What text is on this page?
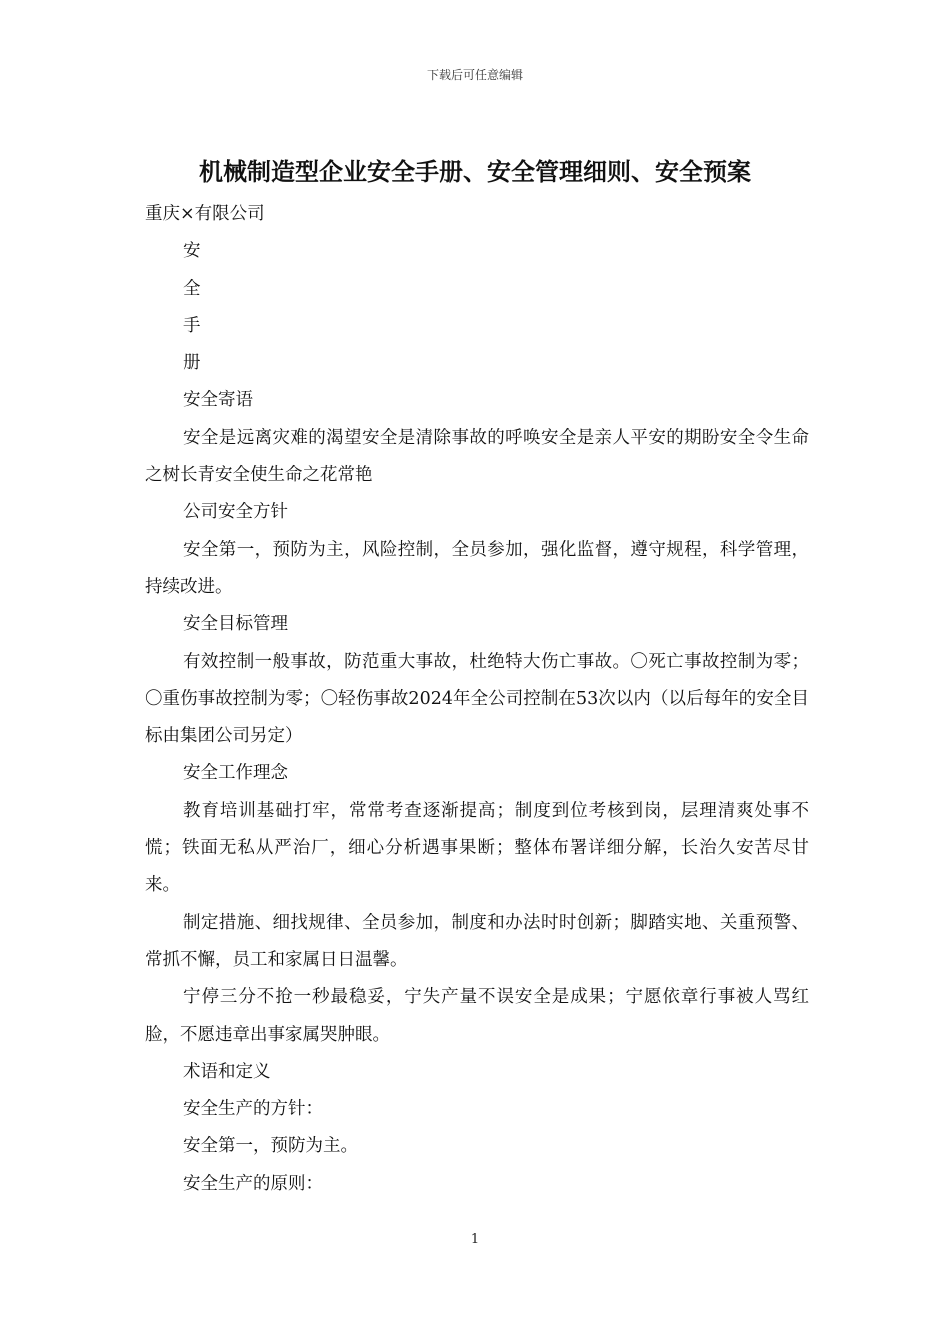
下载后可任意编辑
机械制造型企业安全手册、安全管理细则、安全预案

重庆×有限公司

安

全

手

册

安全寄语

安全是远离灾难的渴望安全是清除事故的呼唤安全是亲人平安的期盼安全令生命之树长青安全使生命之花常艳

公司安全方针

安全第一，预防为主，风险控制，全员参加，强化监督，遵守规程，科学管理，持续改进。

安全目标管理

有效控制一般事故，防范重大事故，杜绝特大伤亡事故。〇死亡事故控制为零；〇重伤事故控制为零；〇轻伤事故2024年全公司控制在53次以内（以后每年的安全目标由集团公司另定）

安全工作理念

教育培训基础打牢，常常考查逐渐提高；制度到位考核到岗，层理清爽处事不慌；铁面无私从严治厂，细心分析遇事果断；整体布署详细分解，长治久安苦尽甘来。

制定措施、细找规律、全员参加，制度和办法时时创新；脚踏实地、关重预警、常抓不懈，员工和家属日日温馨。

宁停三分不抢一秒最稳妥，宁失产量不误安全是成果；宁愿依章行事被人骂红脸，不愿违章出事家属哭肿眼。

术语和定义

安全生产的方针：

安全第一，预防为主。

安全生产的原则：

1
